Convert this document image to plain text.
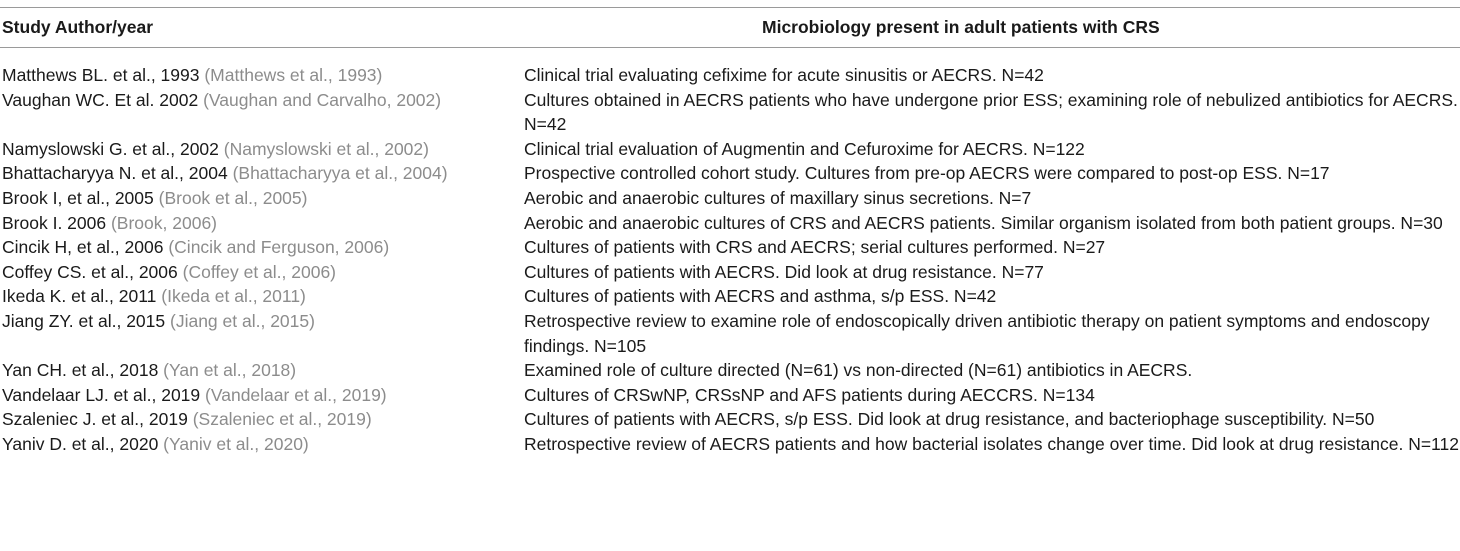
Study Author/year	Microbiology present in adult patients with CRS
Matthews BL. et al., 1993 (Matthews et al., 1993)	Clinical trial evaluating cefixime for acute sinusitis or AECRS. N=42
Vaughan WC. Et al. 2002 (Vaughan and Carvalho, 2002)	Cultures obtained in AECRS patients who have undergone prior ESS; examining role of nebulized antibiotics for AECRS. N=42
Namyslowski G. et al., 2002 (Namyslowski et al., 2002)	Clinical trial evaluation of Augmentin and Cefuroxime for AECRS. N=122
Bhattacharyya N. et al., 2004 (Bhattacharyya et al., 2004)	Prospective controlled cohort study. Cultures from pre-op AECRS were compared to post-op ESS. N=17
Brook I, et al., 2005 (Brook et al., 2005)	Aerobic and anaerobic cultures of maxillary sinus secretions. N=7
Brook I. 2006 (Brook, 2006)	Aerobic and anaerobic cultures of CRS and AECRS patients. Similar organism isolated from both patient groups. N=30
Cincik H, et al., 2006 (Cincik and Ferguson, 2006)	Cultures of patients with CRS and AECRS; serial cultures performed. N=27
Coffey CS. et al., 2006 (Coffey et al., 2006)	Cultures of patients with AECRS. Did look at drug resistance. N=77
Ikeda K. et al., 2011 (Ikeda et al., 2011)	Cultures of patients with AECRS and asthma, s/p ESS. N=42
Jiang ZY. et al., 2015 (Jiang et al., 2015)	Retrospective review to examine role of endoscopically driven antibiotic therapy on patient symptoms and endoscopy findings. N=105
Yan CH. et al., 2018 (Yan et al., 2018)	Examined role of culture directed (N=61) vs non-directed (N=61) antibiotics in AECRS.
Vandelaar LJ. et al., 2019 (Vandelaar et al., 2019)	Cultures of CRSwNP, CRSsNP and AFS patients during AECCRS. N=134
Szaleniec J. et al., 2019 (Szaleniec et al., 2019)	Cultures of patients with AECRS, s/p ESS. Did look at drug resistance, and bacteriophage susceptibility. N=50
Yaniv D. et al., 2020 (Yaniv et al., 2020)	Retrospective review of AECRS patients and how bacterial isolates change over time. Did look at drug resistance. N=112
